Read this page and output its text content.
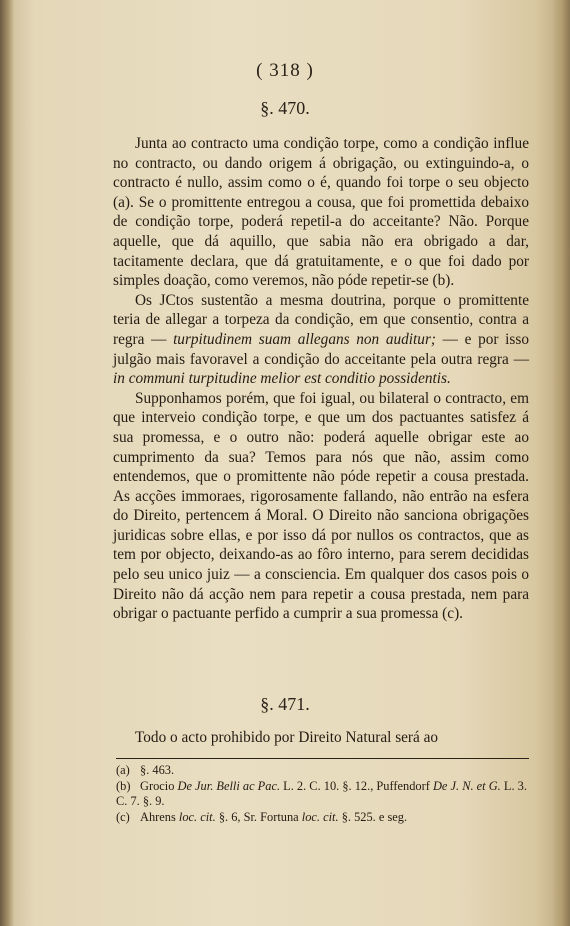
( 318 )
§. 470.

Junta ao contracto uma condição torpe, como a condição influe no contracto, ou dando origem á obrigação, ou extinguindo-a, o contracto é nullo, assim como o é, quando foi torpe o seu objecto (a). Se o promittente entregou a cousa, que foi promettida debaixo de condição torpe, poderá repetil-a do acceitante? Não. Porque aquelle, que dá aquillo, que sabia não era obrigado a dar, tacitamente declara, que dá gratuitamente, e o que foi dado por simples doação, como veremos, não póde repetir-se (b).

Os JCtos sustentão a mesma doutrina, porque o promittente teria de allegar a torpeza da condição, em que consentio, contra a regra — turpitudinem suam allegans non auditur; — e por isso julgão mais favoravel a condição do acceitante pela outra regra — in communi turpitudine melior est conditio possidentis.

Supponhamos porém, que foi igual, ou bilateral o contracto, em que interveio condição torpe, e que um dos pactuantes satisfez á sua promessa, e o outro não: poderá aquelle obrigar este ao cumprimento da sua? Temos para nós que não, assim como entendemos, que o promittente não póde repetir a cousa prestada. As acções immoraes, rigorosamente fallando, não entrão na esfera do Direito, pertencem á Moral. O Direito não sanciona obrigações juridicas sobre ellas, e por isso dá por nullos os contractos, que as tem por objecto, deixando-as ao fôro interno, para serem decididas pelo seu unico juiz — a consciencia. Em qualquer dos casos pois o Direito não dá acção nem para repetir a cousa prestada, nem para obrigar o pactuante perfido a cumprir a sua promessa (c).

§. 471.

Todo o acto prohibido por Direito Natural será ao

(a) §. 463.

(b) Grocio De Jur. Belli ac Pac. L. 2. C. 10. §. 12., Puffendorf De J. N. et G. L. 3. C. 7. §. 9.

(c) Ahrens loc. cit. §. 6, Sr. Fortuna loc. cit. §. 525. e seg.
